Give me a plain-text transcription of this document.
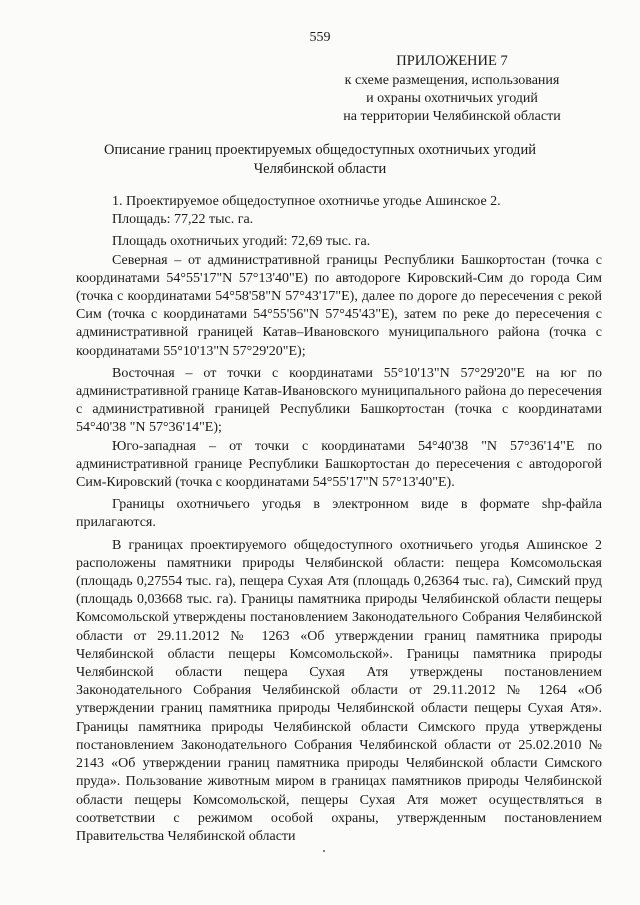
559
ПРИЛОЖЕНИЕ 7
к схеме размещения, использования
и охраны охотничьих угодий
на территории Челябинской области
Описание границ проектируемых общедоступных охотничьих угодий
Челябинской области

1. Проектируемое общедоступное охотничье угодье Ашинское 2.

Площадь: 77,22 тыс. га.

Площадь охотничьих угодий: 72,69 тыс. га.

Северная – от административной границы Республики Башкортостан (точка с координатами 54°55'17"N 57°13'40"E) по автодороге Кировский-Сим до города Сим (точка с координатами 54°58'58"N 57°43'17"E), далее по дороге до пересечения с рекой Сим (точка с координатами 54°55'56"N 57°45'43"E), затем по реке до пересечения с административной границей Катав–Ивановского муниципального района (точка с координатами 55°10'13"N 57°29'20"E);

Восточная – от точки с координатами 55°10'13"N 57°29'20"E на юг по административной границе Катав-Ивановского муниципального района до пересечения с административной границей Республики Башкортостан (точка с координатами 54°40'38 "N 57°36'14"E);

Юго-западная – от точки с координатами 54°40'38 "N 57°36'14"E по административной границе Республики Башкортостан до пересечения с автодорогой Сим-Кировский (точка с координатами 54°55'17"N 57°13'40"E).

Границы охотничьего угодья в электронном виде в формате shp-файла прилагаются.

В границах проектируемого общедоступного охотничьего угодья Ашинское 2 расположены памятники природы Челябинской области: пещера Комсомольская (площадь 0,27554 тыс. га), пещера Сухая Атя (площадь 0,26364 тыс. га), Симский пруд (площадь 0,03668 тыс. га). Границы памятника природы Челябинской области пещеры Комсомольской утверждены постановлением Законодательного Собрания Челябинской области от 29.11.2012 № 1263 «Об утверждении границ памятника природы Челябинской области пещеры Комсомольской». Границы памятника природы Челябинской области пещера Сухая Атя утверждены постановлением Законодательного Собрания Челябинской области от 29.11.2012 № 1264 «Об утверждении границ памятника природы Челябинской области пещеры Сухая Атя». Границы памятника природы Челябинской области Симского пруда утверждены постановлением Законодательного Собрания Челябинской области от 25.02.2010 № 2143 «Об утверждении границ памятника природы Челябинской области Симского пруда». Пользование животным миром в границах памятников природы Челябинской области пещеры Комсомольской, пещеры Сухая Атя может осуществляться в соответствии с режимом особой охраны, утвержденным постановлением Правительства Челябинской области
